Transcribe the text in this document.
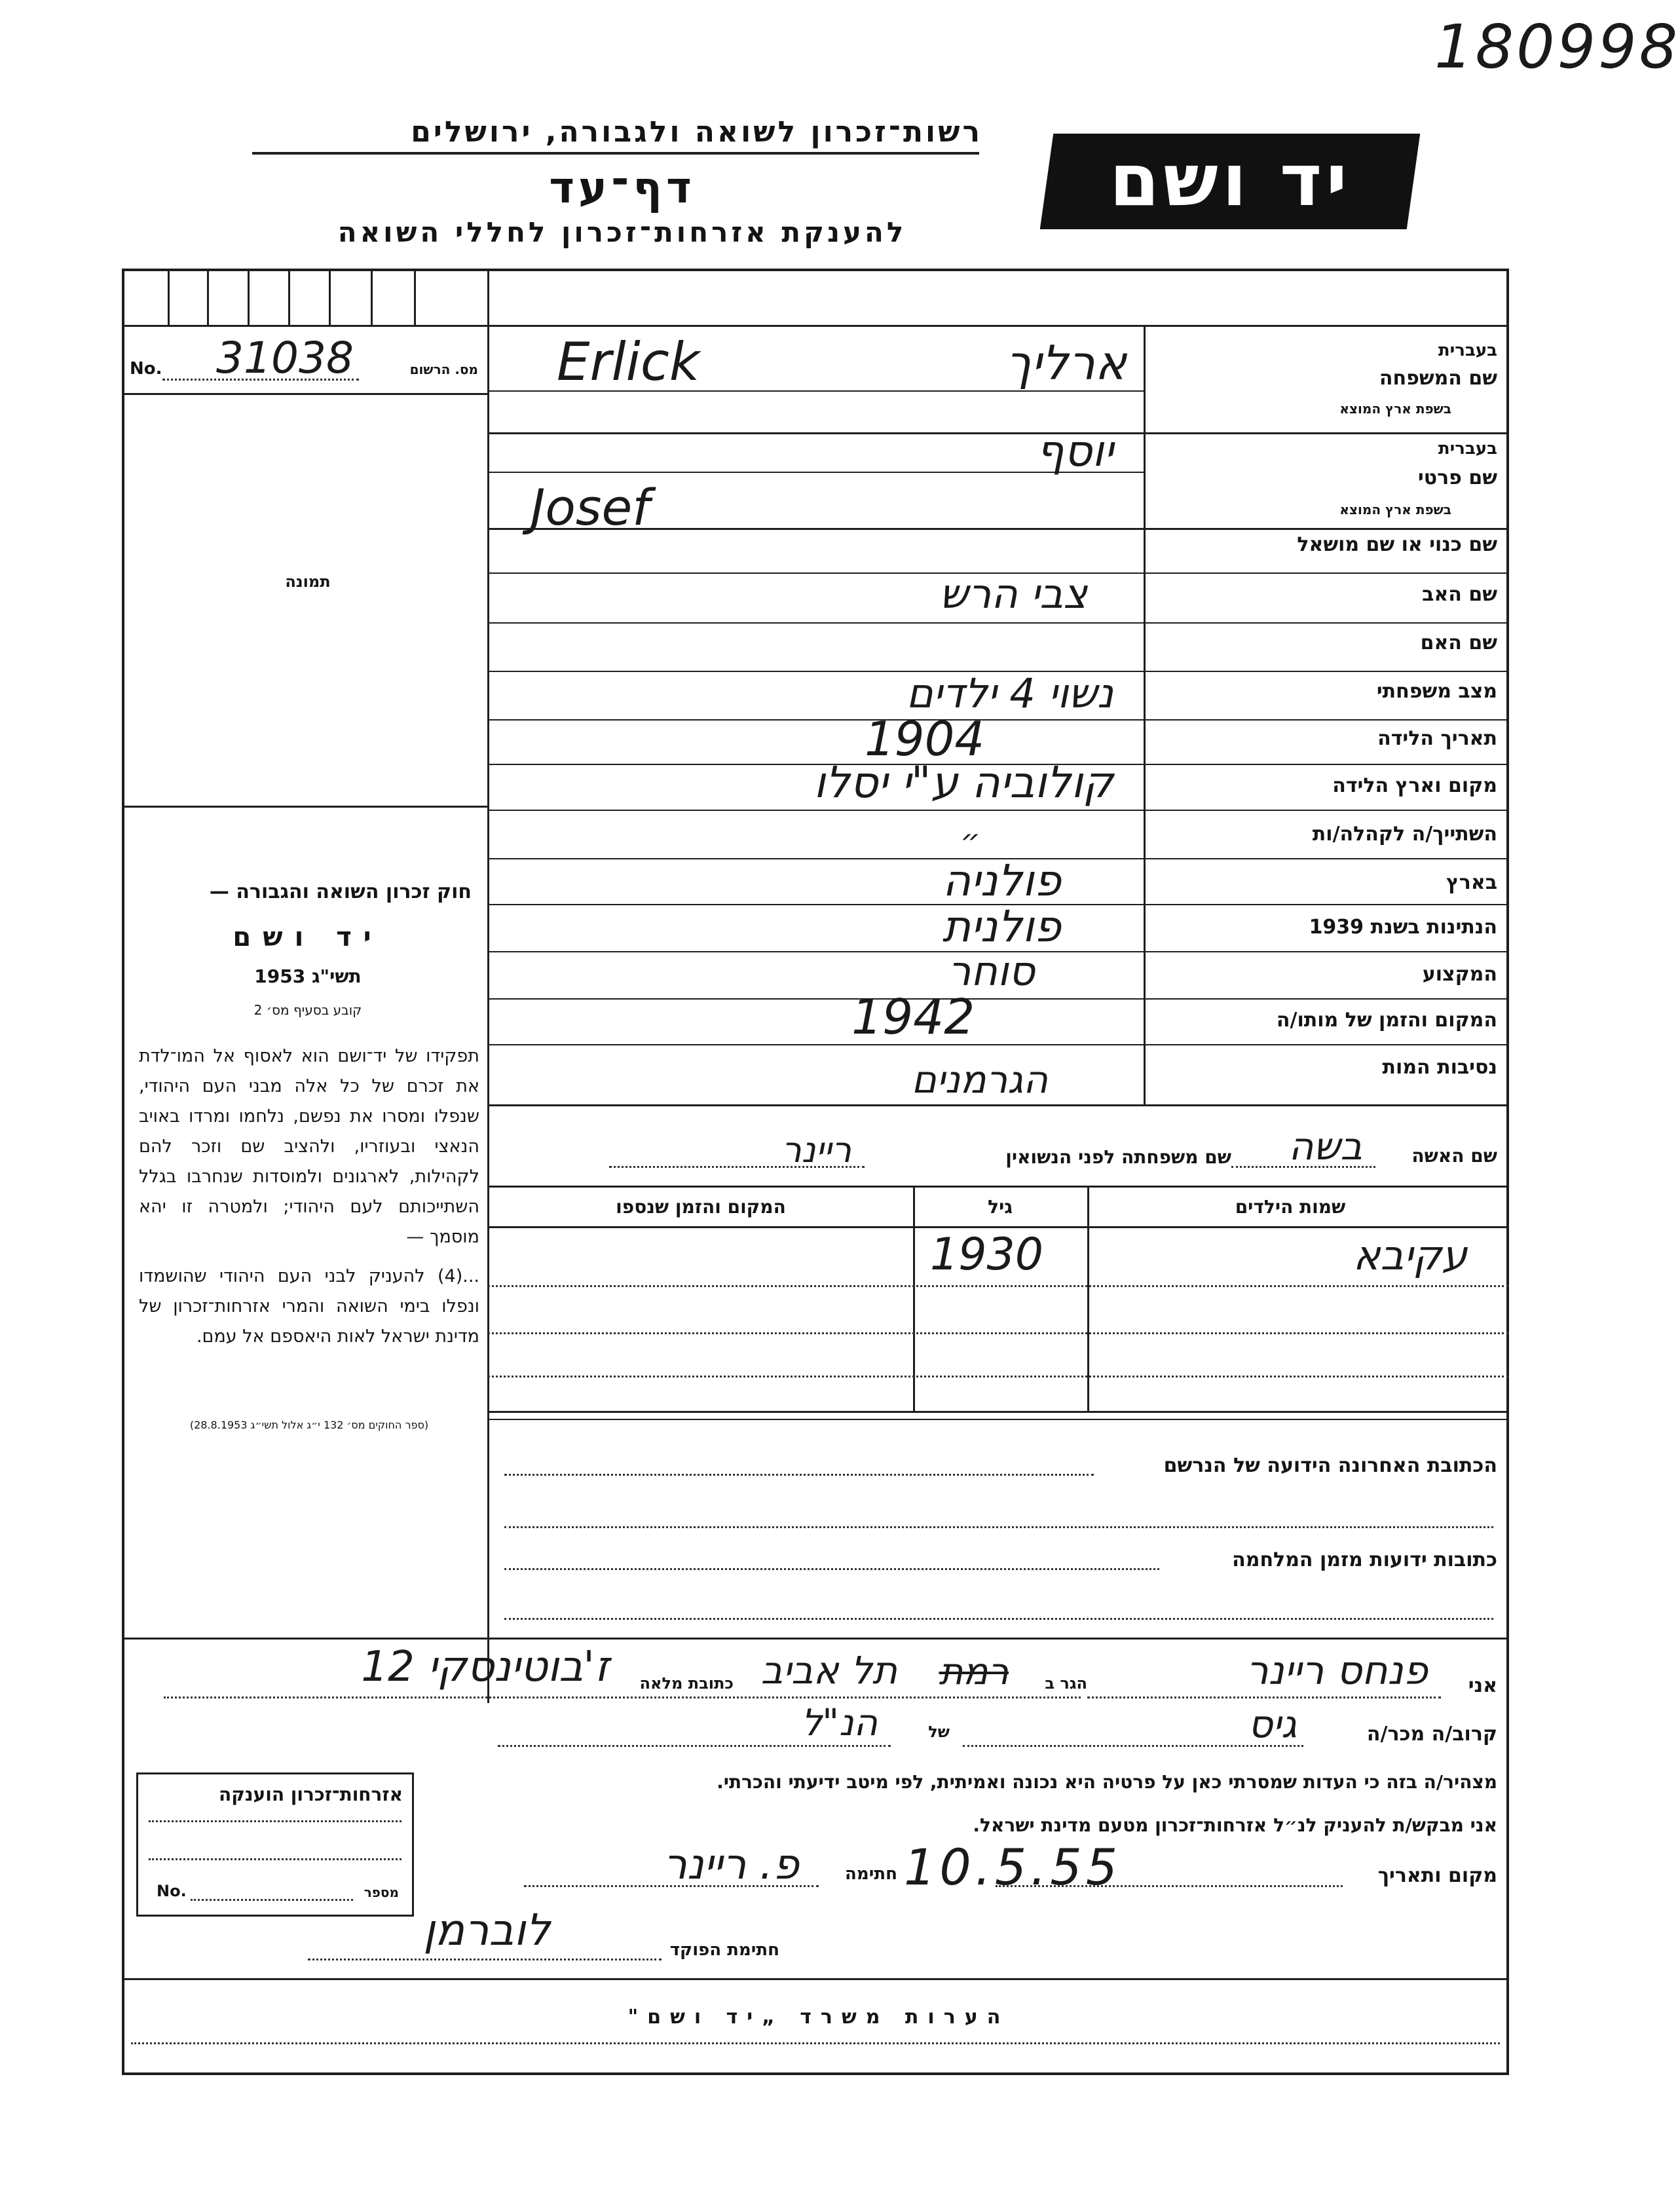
180998
רשות־זכרון לשואה ולגבורה, ירושלים
דף־עד
להענקת אזרחות־זכרון לחללי השואה
יד ושם
No. 31038	מס. הרשום
תמונה
חוק זכרון השואה והגבורה —
יד ושם
תשי"ג 1953
קובע בסעיף מס׳ 2
תפקידו של יד־ושם הוא לאסוף אל המו־לדת את זכרם של כל אלה מבני העם היהודי, שנפלו ומסרו את נפשם, נלחמו ומרדו באויב הנאצי ובעוזריו, ולהציב שם וזכר להם לקהילות, לארגונים ולמוסדות שנחרבו בגלל השתייכותם לעם היהודי; ולמטרה זו יהא מוסמך —
...(4) להעניק לבני העם היהודי שהושמדו ונפלו בימי השואה והמרי אזרחות־זכרון של מדינת ישראל לאות היאספם אל עמם.
(ספר החוקים מס׳ 132 י״ג אלול תשי״ג 28.8.1953)
בעברית
שם המשפחה
בשפת ארץ המוצא
בעברית
שם פרטי
בשפת ארץ המוצא
שם כנוי או שם מושאל
שם האב
שם האם
מצב משפחתי
תאריך הלידה
מקום וארץ הלידה
השתייך/ה לקהלה/ות
בארץ
הנתינות בשנת 1939
המקצוע
המקום והזמן של מותו/ה
נסיבות המות
ארליך
Erlick
יוסף
Josef
צבי הרש
נשוי 4 ילדים
1904
קולוביה ע"י יסלו
״
פולניה
פולנית
סוחר
1942
הגרמנים
שם האשה
בשה
שם משפחתה לפני הנשואין
ריינר
שמות הילדים
גיל
המקום והזמן שנספו
עקיבא
1930
הכתובת האחרונה הידועה של הנרשם
כתובות ידועות מזמן המלחמה
אני
פנחס ריינר
הגר ב
רמת
תל אביב
כתובת מלאה
ז'בוטינסקי 12
קרוב/ה מכר/ה
גיס
של
הנ"ל
מצהיר/ה בזה כי העדות שמסרתי כאן על פרטיה היא נכונה ואמיתית, לפי מיטב ידיעתי והכרתי.
אני מבקש/ת להעניק לנ״ל אזרחות־זכרון מטעם מדינת ישראל.
מקום ותאריך
10.5.55
חתימה
פ. ריינר
חתימת הפוקד
לוברמן
אזרחות־זכרון הוענקה
No.	מספר
הערות משרד „יד ושם"
